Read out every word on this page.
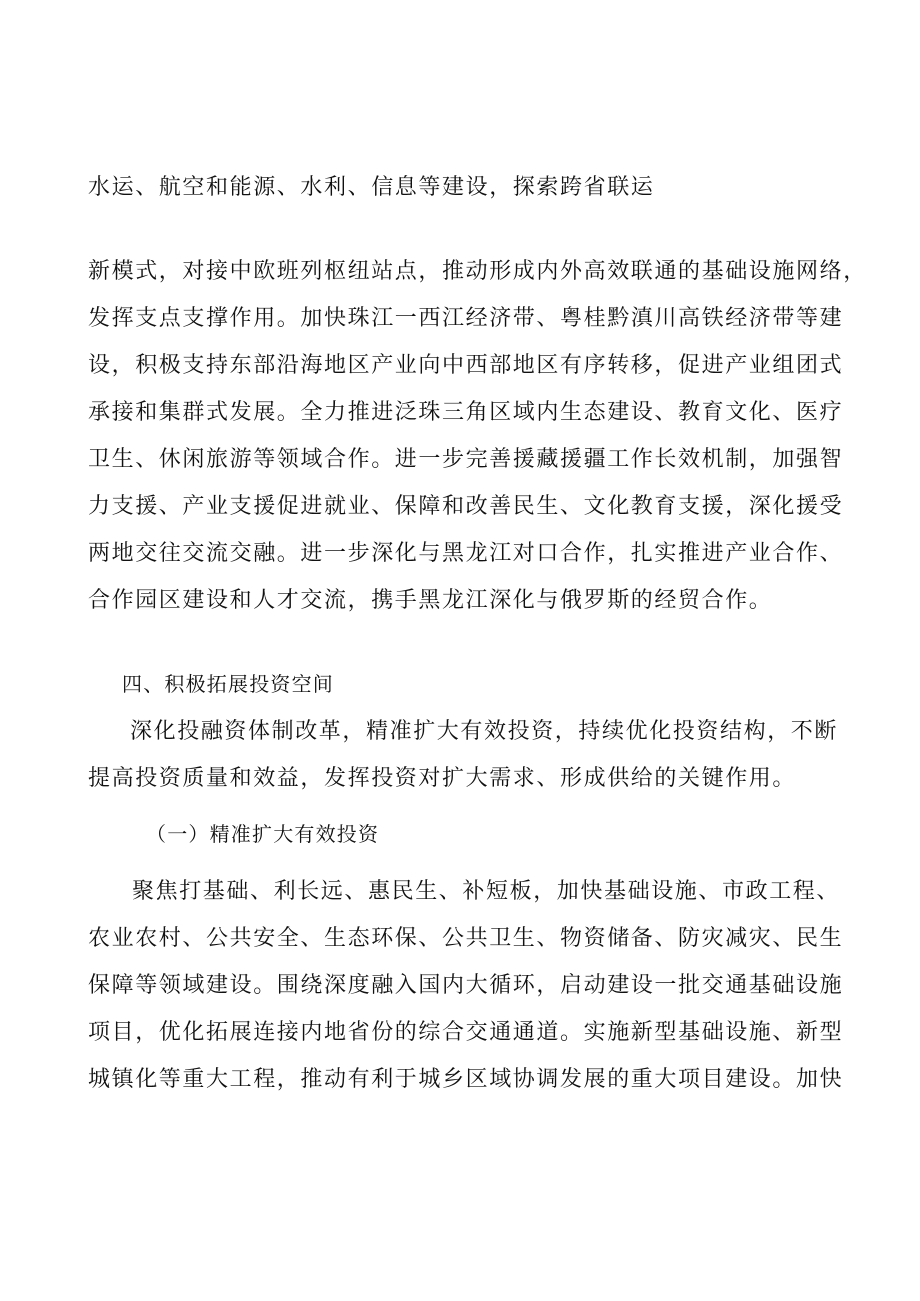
水运、航空和能源、水利、信息等建设，探索跨省联运
新模式，对接中欧班列枢纽站点，推动形成内外高效联通的基础设施网络，
发挥支点支撑作用。加快珠江一西江经济带、粤桂黔滇川高铁经济带等建
设，积极支持东部沿海地区产业向中西部地区有序转移，促进产业组团式
承接和集群式发展。全力推进泛珠三角区域内生态建设、教育文化、医疗
卫生、休闲旅游等领域合作。进一步完善援藏援疆工作长效机制，加强智
力支援、产业支援促进就业、保障和改善民生、文化教育支援，深化援受
两地交往交流交融。进一步深化与黑龙江对口合作，扎实推进产业合作、
合作园区建设和人才交流，携手黑龙江深化与俄罗斯的经贸合作。
四、积极拓展投资空间
深化投融资体制改革，精准扩大有效投资，持续优化投资结构，不断
提高投资质量和效益，发挥投资对扩大需求、形成供给的关键作用。
（一）精准扩大有效投资
聚焦打基础、利长远、惠民生、补短板，加快基础设施、市政工程、
农业农村、公共安全、生态环保、公共卫生、物资储备、防灾减灾、民生
保障等领域建设。围绕深度融入国内大循环，启动建设一批交通基础设施
项目，优化拓展连接内地省份的综合交通通道。实施新型基础设施、新型
城镇化等重大工程，推动有利于城乡区域协调发展的重大项目建设。加快
